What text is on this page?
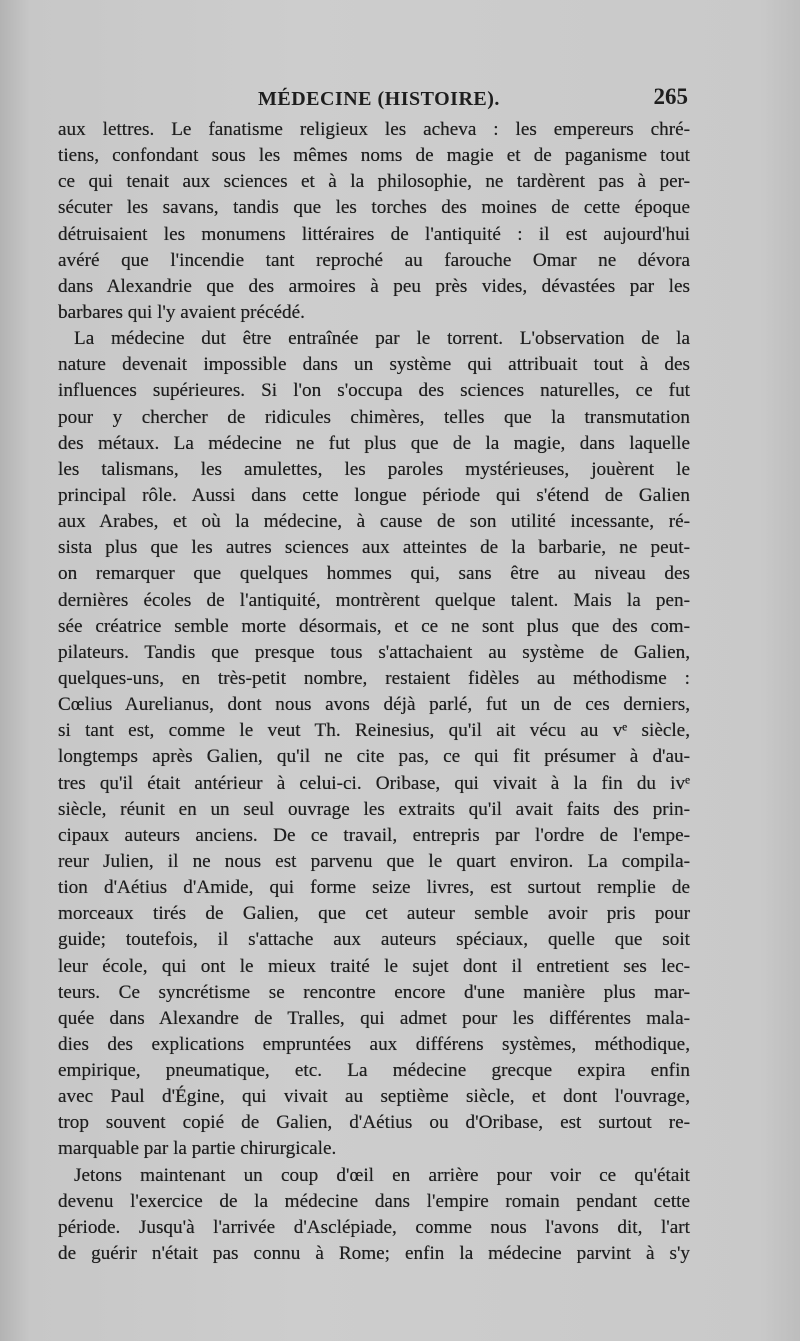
MÉDECINE (HISTOIRE).	265
aux lettres. Le fanatisme religieux les acheva : les empereurs chré-
tiens, confondant sous les mêmes noms de magie et de paganisme tout
ce qui tenait aux sciences et à la philosophie, ne tardèrent pas à per-
sécuter les savans, tandis que les torches des moines de cette époque
détruisaient les monumens littéraires de l'antiquité : il est aujourd'hui
avéré que l'incendie tant reproché au farouche Omar ne dévora
dans Alexandrie que des armoires à peu près vides, dévastées par les
barbares qui l'y avaient précédé.
La médecine dut être entraînée par le torrent. L'observation de la
nature devenait impossible dans un système qui attribuait tout à des
influences supérieures. Si l'on s'occupa des sciences naturelles, ce fut
pour y chercher de ridicules chimères, telles que la transmutation
des métaux. La médecine ne fut plus que de la magie, dans laquelle
les talismans, les amulettes, les paroles mystérieuses, jouèrent le
principal rôle. Aussi dans cette longue période qui s'étend de Galien
aux Arabes, et où la médecine, à cause de son utilité incessante, ré-
sista plus que les autres sciences aux atteintes de la barbarie, ne peut-
on remarquer que quelques hommes qui, sans être au niveau des
dernières écoles de l'antiquité, montrèrent quelque talent. Mais la pen-
sée créatrice semble morte désormais, et ce ne sont plus que des com-
pilateurs. Tandis que presque tous s'attachaient au système de Galien,
quelques-uns, en très-petit nombre, restaient fidèles au méthodisme :
Cœlius Aurelianus, dont nous avons déjà parlé, fut un de ces derniers,
si tant est, comme le veut Th. Reinesius, qu'il ait vécu au vᵉ siècle,
longtemps après Galien, qu'il ne cite pas, ce qui fit présumer à d'au-
tres qu'il était antérieur à celui-ci. Oribase, qui vivait à la fin du ivᵉ
siècle, réunit en un seul ouvrage les extraits qu'il avait faits des prin-
cipaux auteurs anciens. De ce travail, entrepris par l'ordre de l'empe-
reur Julien, il ne nous est parvenu que le quart environ. La compila-
tion d'Aétius d'Amide, qui forme seize livres, est surtout remplie de
morceaux tirés de Galien, que cet auteur semble avoir pris pour
guide; toutefois, il s'attache aux auteurs spéciaux, quelle que soit
leur école, qui ont le mieux traité le sujet dont il entretient ses lec-
teurs. Ce syncrétisme se rencontre encore d'une manière plus mar-
quée dans Alexandre de Tralles, qui admet pour les différentes mala-
dies des explications empruntées aux différens systèmes, méthodique,
empirique, pneumatique, etc. La médecine grecque expira enfin
avec Paul d'Égine, qui vivait au septième siècle, et dont l'ouvrage,
trop souvent copié de Galien, d'Aétius ou d'Oribase, est surtout re-
marquable par la partie chirurgicale.
Jetons maintenant un coup d'œil en arrière pour voir ce qu'était
devenu l'exercice de la médecine dans l'empire romain pendant cette
période. Jusqu'à l'arrivée d'Asclépiade, comme nous l'avons dit, l'art
de guérir n'était pas connu à Rome; enfin la médecine parvint à s'y
